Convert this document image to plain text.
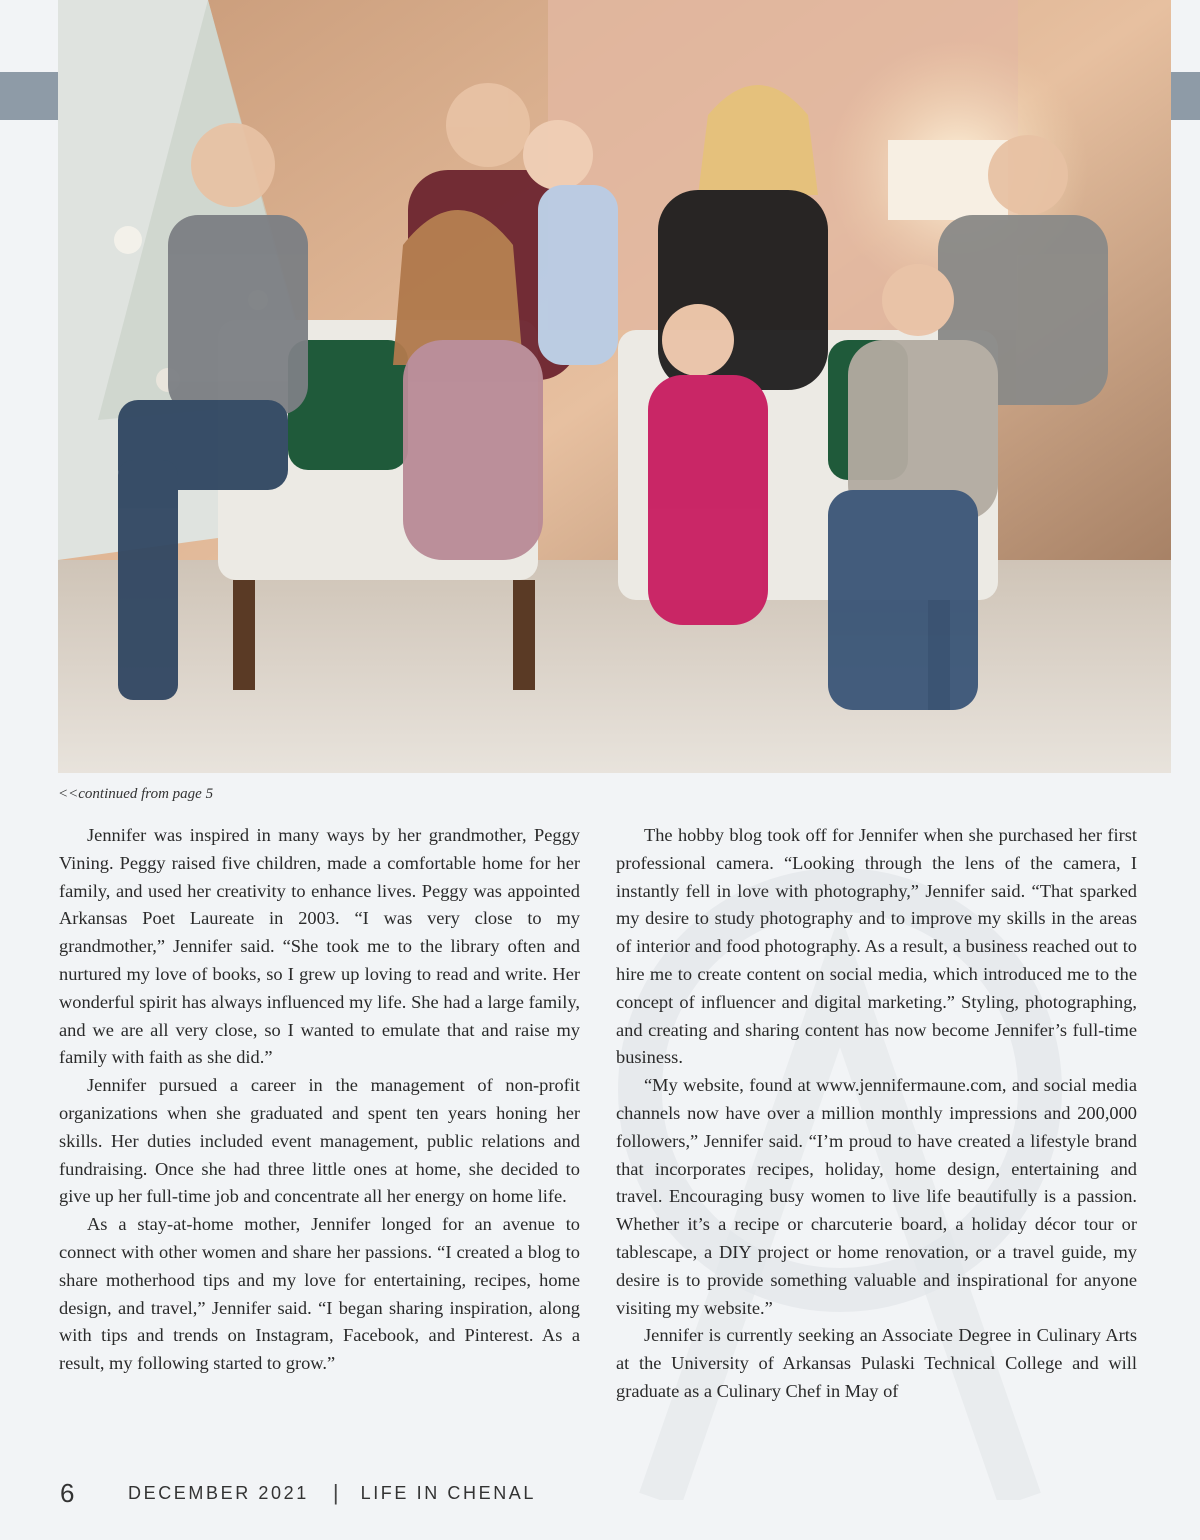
<<continued from page 5

Jennifer was inspired in many ways by her grandmother, Peggy Vining. Peggy raised five children, made a comfortable home for her family, and used her creativity to enhance lives. Peggy was appointed Arkansas Poet Laureate in 2003. “I was very close to my grandmother,” Jennifer said. “She took me to the library often and nurtured my love of books, so I grew up loving to read and write. Her wonderful spirit has always influenced my life. She had a large family, and we are all very close, so I wanted to emulate that and raise my family with faith as she did.”

Jennifer pursued a career in the management of non-profit organizations when she graduated and spent ten years honing her skills. Her duties included event management, public relations and fundraising. Once she had three little ones at home, she decided to give up her full-time job and concentrate all her energy on home life.

As a stay-at-home mother, Jennifer longed for an avenue to connect with other women and share her passions. “I created a blog to share motherhood tips and my love for entertaining, recipes, home design, and travel,” Jennifer said. “I began sharing inspiration, along with tips and trends on Instagram, Facebook, and Pinterest. As a result, my following started to grow.”

The hobby blog took off for Jennifer when she purchased her first professional camera. “Looking through the lens of the camera, I instantly fell in love with photography,” Jennifer said. “That sparked my desire to study photography and to improve my skills in the areas of interior and food photography. As a result, a business reached out to hire me to create content on social media, which introduced me to the concept of influencer and digital marketing.” Styling, photographing, and creating and sharing content has now become Jennifer’s full-time business.

“My website, found at www.jennifermaune.com, and social media channels now have over a million monthly impressions and 200,000 followers,” Jennifer said. “I’m proud to have created a lifestyle brand that incorporates recipes, holiday, home design, entertaining and travel. Encouraging busy women to live life beautifully is a passion. Whether it’s a recipe or charcuterie board, a holiday décor tour or tablescape, a DIY project or home renovation, or a travel guide, my desire is to provide something valuable and inspirational for anyone visiting my website.”

Jennifer is currently seeking an Associate Degree in Culinary Arts at the University of Arkansas Pulaski Technical College and will graduate as a Culinary Chef in May of

6	DECEMBER 2021 | LIFE IN CHENAL
